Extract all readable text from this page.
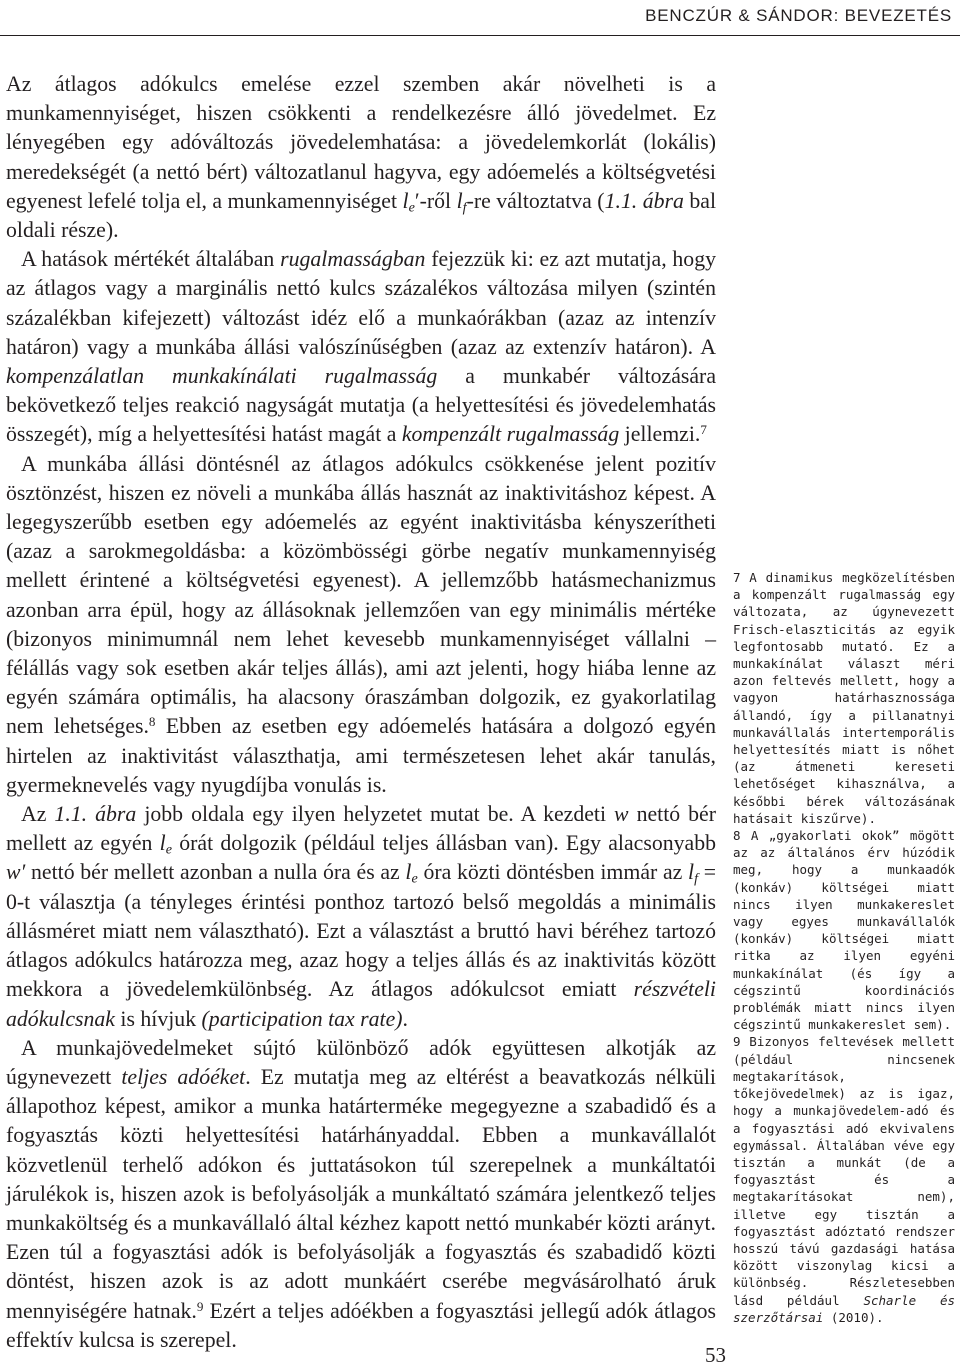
BENCZÚR & SÁNDOR: BEVEZETÉS

Az átlagos adókulcs emelése ezzel szemben akár növelheti is a munkamennyiséget, hiszen csökkenti a rendelkezésre álló jövedelmet. Ez lényegében egy adóváltozás jövedelemhatása: a jövedelemkorlát (lokális) meredekségét (a nettó bért) változatlanul hagyva, egy adóemelés a költségvetési egyenest lefelé tolja el, a munkamennyiséget $l_e'$-ről $l_f-re$ változtatva (1.1. ábra bal oldali része).

A hatások mértékét általában rugalmasságban fejezzük ki: ez azt mutatja, hogy az átlagos vagy a marginális nettó kulcs százalékos változása milyen (szintén százalékban kifejezett) változást idéz elő a munkaórákban (azaz az intenzív határon) vagy a munkába állási valószínűségben (azaz az extenzív határon). A kompenzálatlan munkakínálati rugalmasság a munkabér változására bekövetkező teljes reakció nagyságát mutatja (a helyettesítési és jövedelemhatás összegét), míg a helyettesítési hatást magát a kompenzált rugalmasság jellemzi.$^7$

A munkába állási döntésnél az átlagos adókulcs csökkenése jelent pozitív ösztönzést, hiszen ez növeli a munkába állás hasznát az inaktivitáshoz képest. A legegyszerűbb esetben egy adóemelés az egyént inaktivitásba kényszerítheti (azaz a sarokmegoldásba: a közömbösségi görbe negatív munkamennyiség mellett érintené a költségvetési egyenest). A jellemzőbb hatásmechanizmus azonban arra épül, hogy az állásoknak jellemzően van egy minimális mértéke (bizonyos minimumnál nem lehet kevesebb munkamennyiséget vállalni – félállás vagy sok esetben akár teljes állás), ami azt jelenti, hogy hiába lenne az egyén számára optimális, ha alacsony óraszámban dolgozik, ez gyakorlatilag nem lehetséges.$^8$ Ebben az esetben egy adóemelés hatására a dolgozó egyén hirtelen az inaktivitást választhatja, ami természetesen lehet akár tanulás, gyermeknevelés vagy nyugdíjba vonulás is.

Az 1.1. ábra jobb oldala egy ilyen helyzetet mutat be. A kezdeti w nettó bér mellett az egyén $l_e$ órát dolgozik (például teljes állásban van). Egy alacsonyabb w′ nettó bér mellett azonban a nulla óra és az $l_e$ óra közti döntésben immár az $l_f = 0-t$ választja (a tényleges érintési ponthoz tartozó belső megoldás a minimális állásméret miatt nem választható). Ezt a választást a bruttó havi béréhez tartozó átlagos adókulcs határozza meg, azaz hogy a teljes állás és az inaktivitás között mekkora a jövedelemkülönbség. Az átlagos adókulcsot emiatt részvételi adókulcsnak is hívjuk (participation tax rate).

A munkajövedelmeket sújtó különböző adók együttesen alkotják az úgynevezett teljes adóéket. Ez mutatja meg az eltérést a beavatkozás nélküli állapothoz képest, amikor a munka határterméke megegyezne a szabadidő és a fogyasztás közti helyettesítési határhányaddal. Ebben a munkavállalót közvetlenül terhelő adókon és juttatásokon túl szerepelnek a munkáltatói járulékok is, hiszen azok is befolyásolják a munkáltató számára jelentkező teljes munkaköltség és a munkavállaló által kézhez kapott nettó munkabér közti arányt. Ezen túl a fogyasztási adók is befolyásolják a fogyasztás és szabadidő közti döntést, hiszen azok is az adott munkáért cserébe megvásárolható áruk mennyiségére hatnak.$^9$ Ezért a teljes adóékben a fogyasztási jellegű adók átlagos effektív kulcsa is szerepel.

7 A dinamikus megközelítésben a kompenzált rugalmasság egy változata, az úgynevezett Frisch-elaszticitás az egyik legfontosabb mutató. Ez a munkakínálat választ méri azon feltevés mellett, hogy a vagyon határhasznossága állandó, így a pillanatnyi munkavállalás intertemporális helyettesítés miatt is nőhet (az átmeneti kereseti lehetőséget kihasználva, a későbbi bérek változásának hatásait kiszűrve).

8 A „gyakorlati okok” mögött az az általános érv húzódik meg, hogy a munkaadók (konkáv) költségei miatt nincs ilyen munkakereslet vagy egyes munkavállalók (konkáv) költségei miatt ritka az ilyen egyéni munkakínálat (és így a cégszintű koordinációs problémák miatt nincs ilyen cégszintű munkakereslet sem).

9 Bizonyos feltevések mellett (például nincsenek megtakarítások, tőkejövedelmek) az is igaz, hogy a munkajövedelem-adó és a fogyasztási adó ekvivalens egymással. Általában véve egy tisztán a munkát (de a fogyasztást és a megtakarításokat nem), illetve egy tisztán a fogyasztást adóztató rendszer hosszú távú gazdasági hatása között viszonylag kicsi a különbség. Részletesebben lásd például Scharle és szerzőtársai (2010).

53
